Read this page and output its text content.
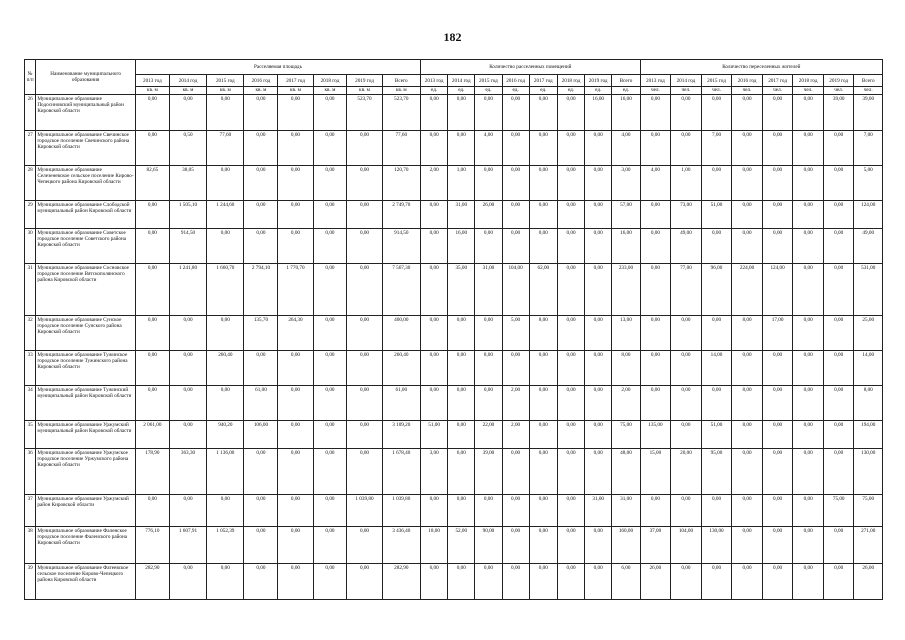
182
№ п/п	Наименование муниципального образования	Расселяемая площадь								Количество расселенных помещений								Количество переселенных жителей							
		2013 год	2014 год	2015 год	2016 год	2017 год	2018 год	2019 год	Всего	2013 год	2014 год	2015 год	2016 год	2017 год	2018 год	2019 год	Всего	2013 год	2014 год	2015 год	2016 год	2017 год	2018 год	2019 год	Всего
		кв. м	кв. м	кв. м	кв. м	кв. м	кв. м	кв. м	кв. м	ед.	ед.	ед.	ед.	ед.	ед.	ед.	ед.	чел.	чел.	чел.	чел.	чел.	чел.	чел.	чел.
26	Муниципальное образование Подосиновский муниципальный район Кировской области	0,00	0,00	0,00	0,00	0,00	0,00	523,70	523,70	0,00	0,00	0,00	0,00	0,00	0,00	16,00	16,00	0,00	0,00	0,00	0,00	0,00	0,00	39,00	39,00
27	Муниципальное образование Свечинское городское поселение Свечинского района Кировской области	0,00	0,50	77,60	0,00	0,00	0,00	0,00	77,60	0,00	0,00	4,00	0,00	0,00	0,00	0,00	4,00	0,00	0,00	7,00	0,00	0,00	0,00	0,00	7,00
28	Муниципальное образование Селезеневское сельское поселение Кирово-Чепецкого района Кировской области	82,65	38,05	0,00	0,00	0,00	0,00	0,00	120,70	2,00	1,00	0,00	0,00	0,00	0,00	0,00	3,00	4,00	1,00	0,00	0,00	0,00	0,00	0,00	5,00
29	Муниципальное образование Слободской муниципальный район Кировской области	0,00	1 505,10	1 244,60	0,00	0,00	0,00	0,00	2 749,70	0,00	31,00	26,00	0,00	0,00	0,00	0,00	57,00	0,00	73,00	51,00	0,00	0,00	0,00	0,00	124,00
30	Муниципальное образование Советское городское поселение Советского района Кировской области	0,00	914,50	0,00	0,00	0,00	0,00	0,00	914,50	0,00	16,00	0,00	0,00	0,00	0,00	0,00	16,00	0,00	49,00	0,00	0,00	0,00	0,00	0,00	49,00
31	Муниципальное образование Сосновское городское поселение Вятскополянского района Кировской области	0,00	1 241,80	1 660,70	2 794,10	1 770,70	0,00	0,00	7 567,30	0,00	35,00	31,00	104,00	62,00	0,00	0,00	233,00	0,00	77,00	96,00	224,00	124,00	0,00	0,00	531,00
32	Муниципальное образование Сунское городское поселение Сунского района Кировской области	0,00	0,00	0,00	135,70	264,30	0,00	0,00	400,00	0,00	0,00	0,00	5,00	8,00	0,00	0,00	13,00	0,00	0,00	0,00	8,00	17,00	0,00	0,00	25,00
33	Муниципальное образование Тужинское городское поселение Тужинского района Кировской области	0,00	0,00	260,40	0,00	0,00	0,00	0,00	260,40	0,00	0,00	8,00	0,00	0,00	0,00	0,00	8,00	0,00	0,00	14,00	0,00	0,00	0,00	0,00	14,00
34	Муниципальное образование Тужинский муниципальный район Кировской области	0,00	0,00	0,00	61,00	0,00	0,00	0,00	61,00	0,00	0,00	0,00	2,00	0,00	0,00	0,00	2,00	0,00	0,00	0,00	8,00	0,00	0,00	0,00	8,00
35	Муниципальное образование Уржумский муниципальный район Кировской области	2 061,00	0,00	940,20	106,00	0,00	0,00	0,00	3 109,20	51,00	0,00	22,00	2,00	0,00	0,00	0,00	75,00	135,00	0,00	51,00	8,00	0,00	0,00	0,00	194,00
36	Муниципальное образование Уржумское городское поселение Уржумского района Кировской области	178,90	363,30	1 136,00	0,00	0,00	0,00	0,00	1 678,40	3,00	6,00	39,00	0,00	0,00	0,00	0,00	48,00	15,00	20,00	95,00	0,00	0,00	0,00	0,00	130,00
37	Муниципальное образование Уржумский район Кировской области	0,00	0,00	0,00	0,00	0,00	0,00	1 039,80	1 039,80	0,00	0,00	0,00	0,00	0,00	0,00	31,00	31,00	0,00	0,00	0,00	0,00	0,00	0,00	75,00	75,00
38	Муниципальное образование Фаленское городское поселение Фаленского района Кировской области	776,10	1 607,91	1 052,39	0,00	0,00	0,00	0,00	3 436,40	18,00	52,00	90,00	0,00	0,00	0,00	0,00	160,00	37,00	104,00	130,00	0,00	0,00	0,00	0,00	271,00
39	Муниципальное образование Фатеевское сельское поселение Кирово-Чепецкого района Кировской области	282,90	0,00	0,00	0,00	0,00	0,00	0,00	282,90	6,00	0,00	0,00	0,00	0,00	0,00	0,00	6,00	26,00	0,00	0,00	0,00	0,00	0,00	0,00	26,00
